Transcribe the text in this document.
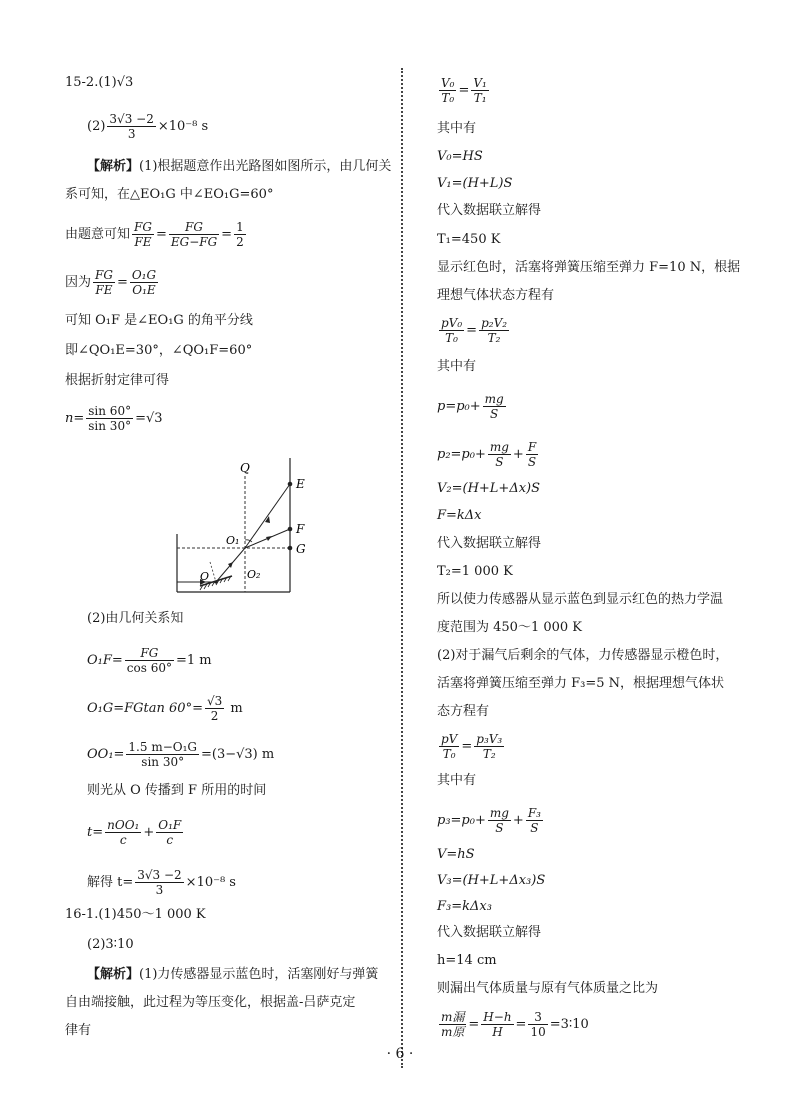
15-2.(1)√3
$(2) \frac{3√3 -2}{3} \times 10^{-8}$ s
【解析】(1)根据题意作出光路图如图所示，由几何关
系可知，在△EO₁G 中∠EO₁G=60°
由题意可知 $\frac{FG}{FE} = \frac{FG}{EG-FG} = \frac{1}{2}$
因为 $\frac{FG}{FE} = \frac{\text{O₁G}}{\text{O₁E}}$
可知 O₁F 是∠EO₁G 的角平分线
即∠QO₁E=30°，∠QO₁F=60°
根据折射定律可得
$n= \frac{\sin 60^\circ}{\sin 30^\circ} =√3$
Q
E
F
G
O₁
O₂
O
(2)由几何关系知
$O_1F= \frac{FG}{\cos 60^\circ} =1$ m
O₁G=FGtan $60^\circ= \frac{√3}{2}$ m
$OO_1= \frac{\text{1.5 m−O₁G}}{\sin 30^\circ} =(3-√3)$ m
则光从 O 传播到 F 所用的时间
$t= \frac{\text{nOO₁}}{c} + \frac{\text{O₁F}}{c}$
解得 $t= \frac{3√3 -2}{3} \times 10^{-8}$ s
16-1.(1)450～1 000 K
(2)3∶10
【解析】(1)力传感器显示蓝色时，活塞刚好与弹簧
自由端接触，此过程为等压变化，根据盖-吕萨克定
律有
$\frac{\text{V₀}}{\text{T₀}} = \frac{\text{V₁}}{\text{T₁}}$
其中有
V₀=HS
V₁=(H+L)S
代入数据联立解得
T₁=450 K
显示红色时，活塞将弹簧压缩至弹力 F=10 N，根据
理想气体状态方程有
$\frac{\text{pV₀}}{\text{T₀}} = \frac{\text{p₂V₂}}{\text{T₂}}$
其中有
$p=p_0+ \frac{mg}{S}$
$p_2=p_0+ \frac{mg}{S} + \frac{F}{S}$
V₂=(H+L+Δx)S
F=kΔx
代入数据联立解得
T₂=1 000 K
所以使力传感器从显示蓝色到显示红色的热力学温
度范围为 450～1 000 K
(2)对于漏气后剩余的气体，力传感器显示橙色时，
活塞将弹簧压缩至弹力 F₃=5 N，根据理想气体状
态方程有
$\frac{pV}{\text{T₀}} = \frac{\text{p₃V₃}}{\text{T₂}}$
其中有
$p_3=p_0+ \frac{mg}{S} + \frac{\text{F₃}}{S}$
V=hS
V₃=(H+L+Δx₃)S
F₃=kΔx₃
代入数据联立解得
h=14 cm
则漏出气体质量与原有气体质量之比为
$\frac{\text{m漏}}{\text{m原}} = \frac{H-h}{H} = \frac{3}{10}$ =3∶10
· 6 ·
